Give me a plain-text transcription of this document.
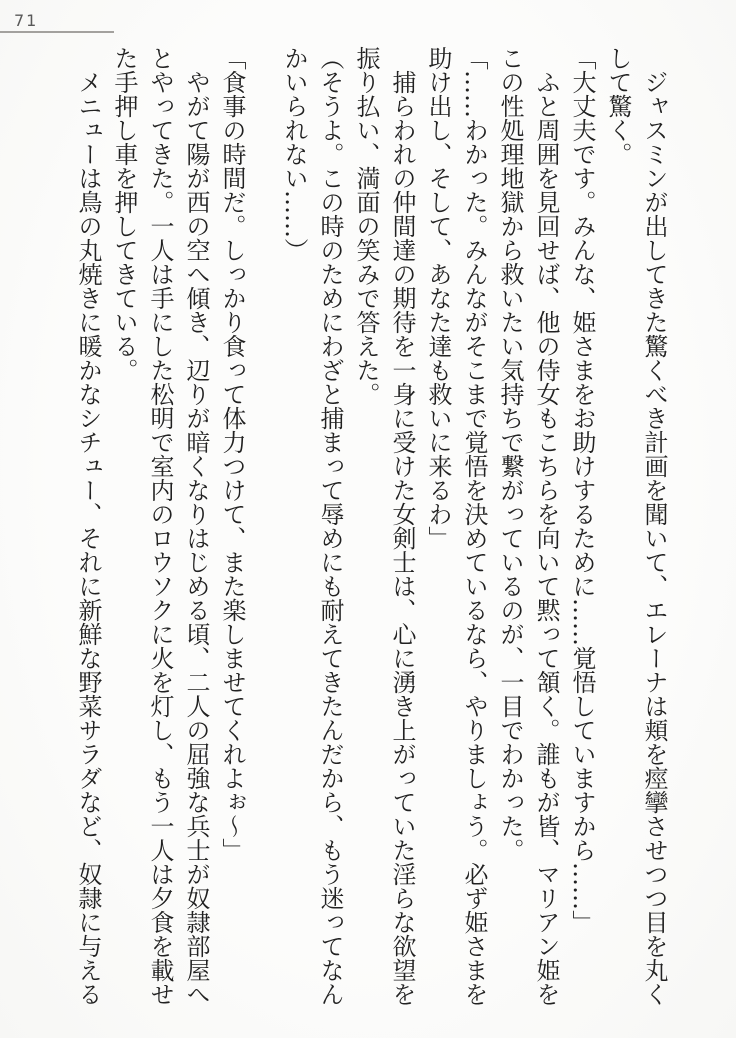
71

ジャスミンが出してきた驚くべき計画を聞いて、エレーナは頬を痙攣させつつ目を丸くして驚く。

「大丈夫です。みんな、姫さまをお助けするために……覚悟していますから……」

ふと周囲を見回せば、他の侍女もこちらを向いて黙って頷く。誰もが皆、マリアン姫をこの性処理地獄から救いたい気持ちで繋がっているのが、一目でわかった。

「……わかった。みんながそこまで覚悟を決めているなら、やりましょう。必ず姫さまを助け出し、そして、あなた達も救いに来るわ」

捕らわれの仲間達の期待を一身に受けた女剣士は、心に湧き上がっていた淫らな欲望を振り払い、満面の笑みで答えた。

（そうよ。この時のためにわざと捕まって辱めにも耐えてきたんだから、もう迷ってなんかいられない……）

「食事の時間だ。しっかり食って体力つけて、また楽しませてくれよぉ～」

やがて陽が西の空へ傾き、辺りが暗くなりはじめる頃、二人の屈強な兵士が奴隷部屋へとやってきた。一人は手にした松明で室内のロウソクに火を灯し、もう一人は夕食を載せた手押し車を押してきている。

メニューは鳥の丸焼きに暖かなシチュー、それに新鮮な野菜サラダなど、奴隷に与える
